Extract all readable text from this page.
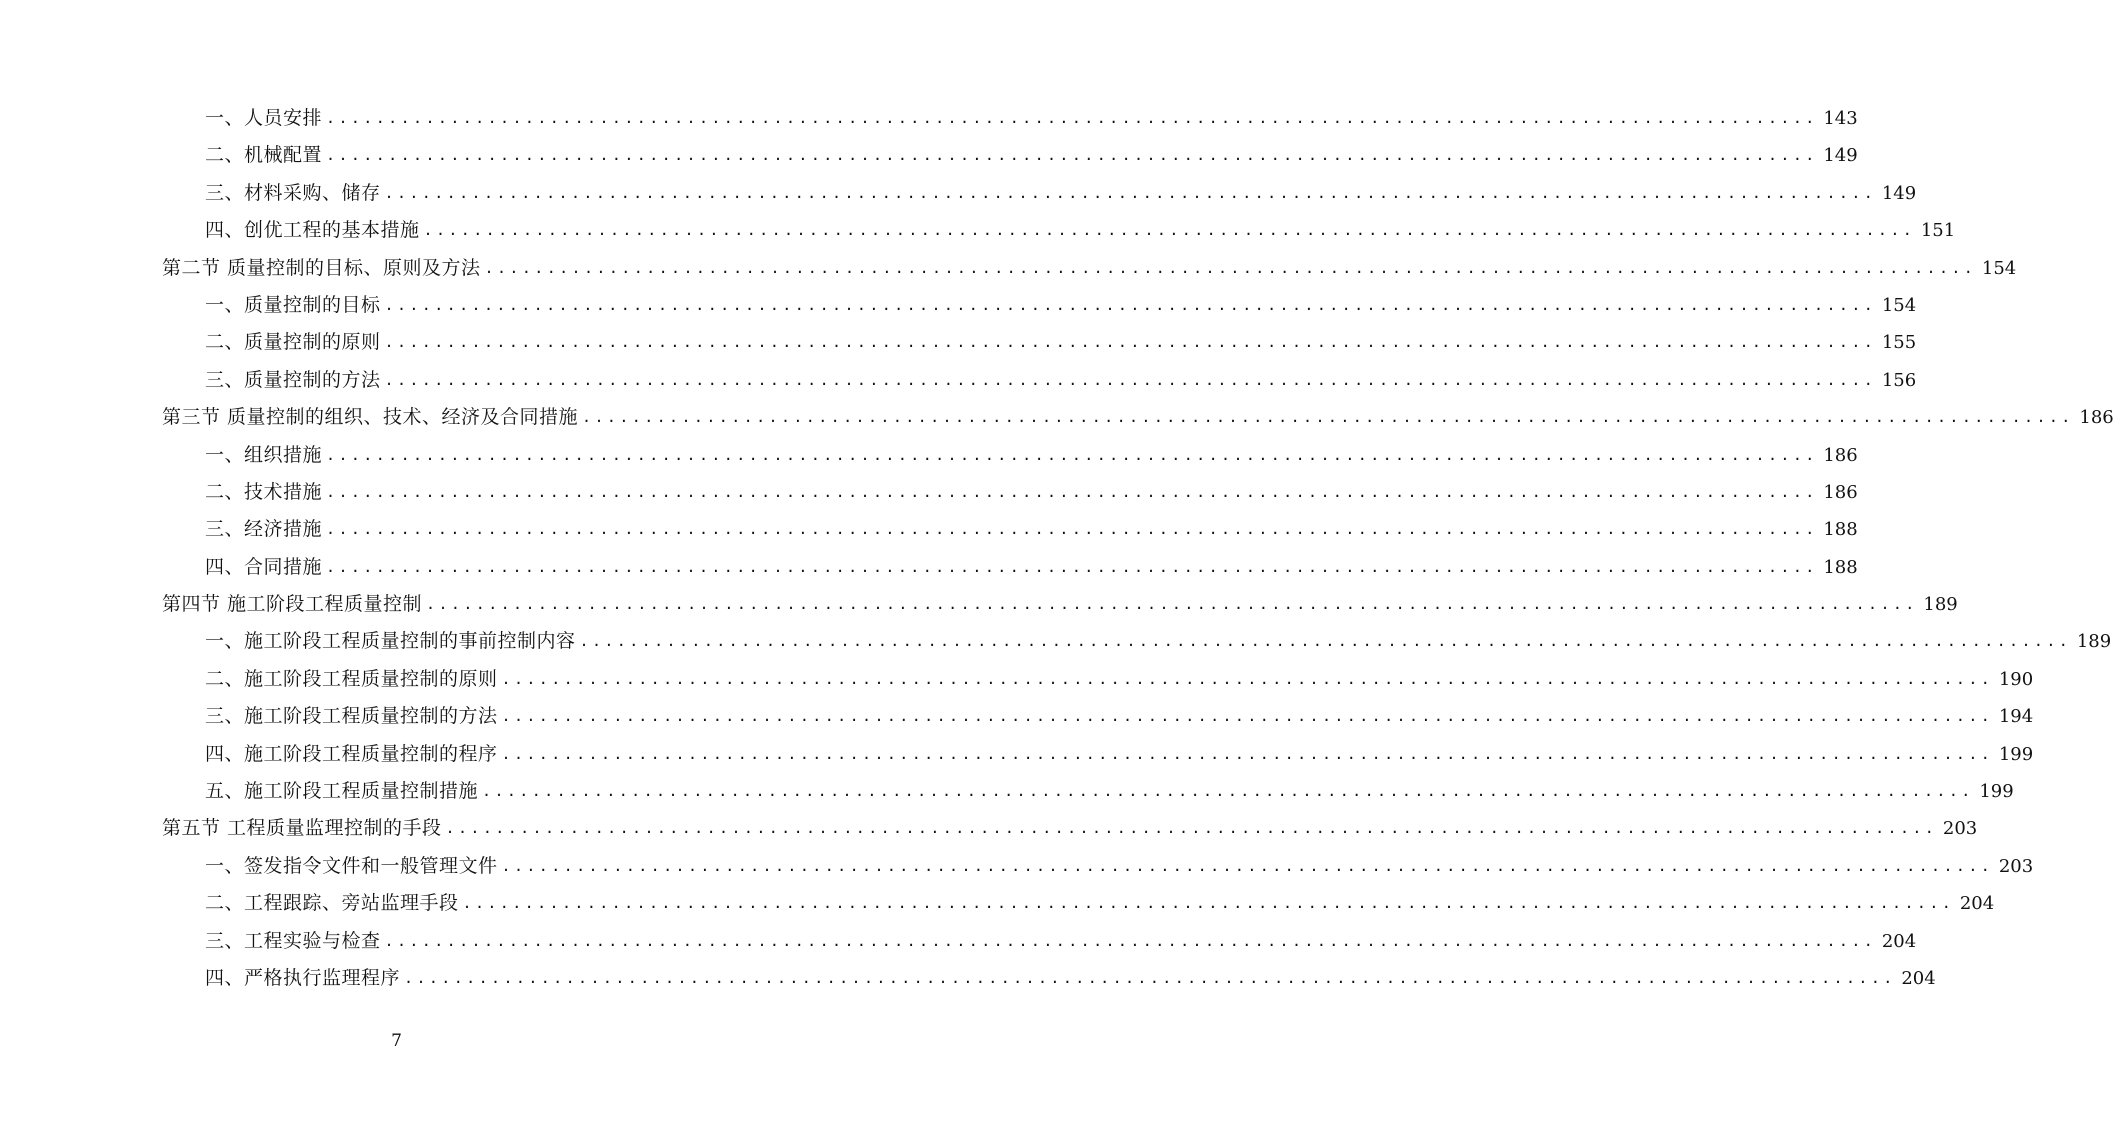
一、人员安排 ........................................................................................................................ 143
二、机械配置 ........................................................................................................................ 149
三、材料采购、储存 ........................................................................................................................ 149
四、创优工程的基本措施 ........................................................................................................................ 151
第二节 质量控制的目标、原则及方法 ........................................................................................................................ 154
一、质量控制的目标 ........................................................................................................................ 154
二、质量控制的原则 ........................................................................................................................ 155
三、质量控制的方法 ........................................................................................................................ 156
第三节 质量控制的组织、技术、经济及合同措施 ........................................................................................................................ 186
一、组织措施 ........................................................................................................................ 186
二、技术措施 ........................................................................................................................ 186
三、经济措施 ........................................................................................................................ 188
四、合同措施 ........................................................................................................................ 188
第四节 施工阶段工程质量控制 ........................................................................................................................ 189
一、施工阶段工程质量控制的事前控制内容 ........................................................................................................................ 189
二、施工阶段工程质量控制的原则 ........................................................................................................................ 190
三、施工阶段工程质量控制的方法 ........................................................................................................................ 194
四、施工阶段工程质量控制的程序 ........................................................................................................................ 199
五、施工阶段工程质量控制措施 ........................................................................................................................ 199
第五节 工程质量监理控制的手段 ........................................................................................................................ 203
一、签发指令文件和一般管理文件 ........................................................................................................................ 203
二、工程跟踪、旁站监理手段 ........................................................................................................................ 204
三、工程实验与检查 ........................................................................................................................ 204
四、严格执行监理程序 ........................................................................................................................ 204
7
